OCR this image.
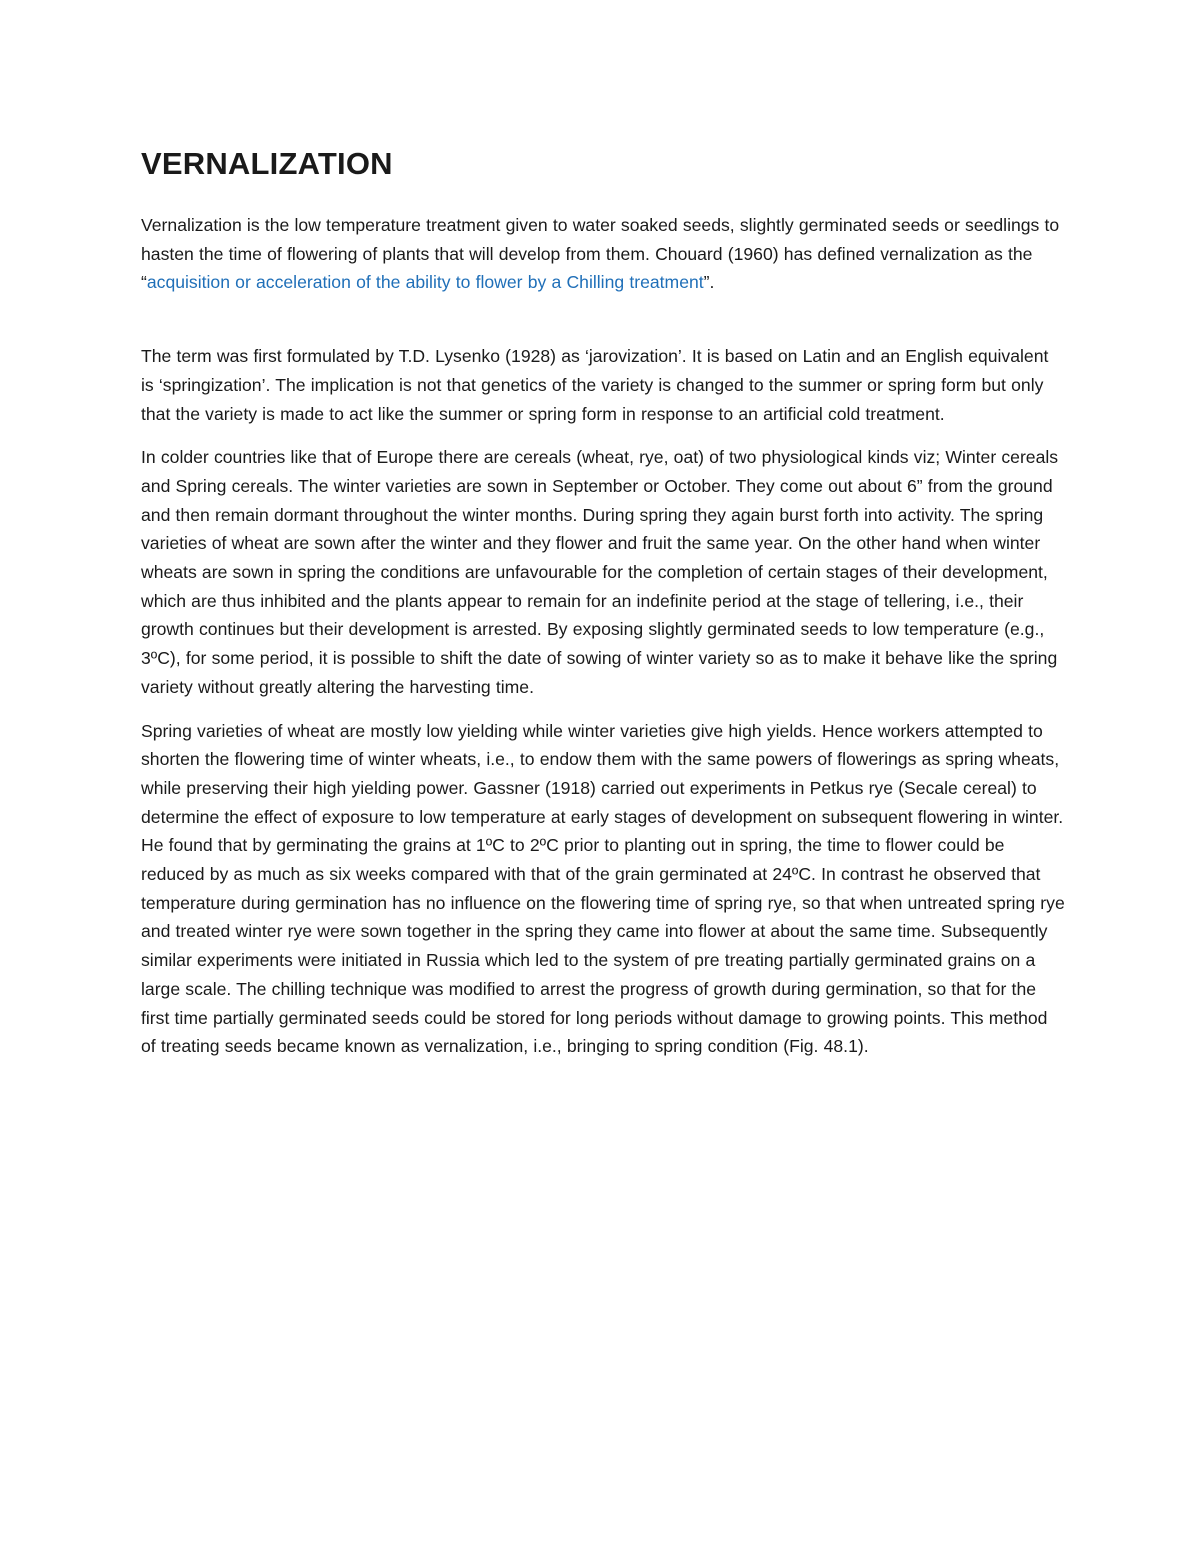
VERNALIZATION

Vernalization is the low temperature treatment given to water soaked seeds, slightly germinated seeds or seedlings to hasten the time of flowering of plants that will develop from them. Chouard (1960) has defined vernalization as the “acquisition or acceleration of the ability to flower by a Chilling treatment”.

The term was first formulated by T.D. Lysenko (1928) as ‘jarovization’. It is based on Latin and an English equivalent is ‘springization’. The implication is not that genetics of the variety is changed to the summer or spring form but only that the variety is made to act like the summer or spring form in response to an artificial cold treatment.

In colder countries like that of Europe there are cereals (wheat, rye, oat) of two physiological kinds viz; Winter cereals and Spring cereals. The winter varieties are sown in September or October. They come out about 6” from the ground and then remain dormant throughout the winter months. During spring they again burst forth into activity. The spring varieties of wheat are sown after the winter and they flower and fruit the same year. On the other hand when winter wheats are sown in spring the conditions are unfavourable for the completion of certain stages of their development, which are thus inhibited and the plants appear to remain for an indefinite period at the stage of tellering, i.e., their growth continues but their development is arrested. By exposing slightly germinated seeds to low temperature (e.g., 3ºC), for some period, it is possible to shift the date of sowing of winter variety so as to make it behave like the spring variety without greatly altering the harvesting time.

Spring varieties of wheat are mostly low yielding while winter varieties give high yields. Hence workers attempted to shorten the flowering time of winter wheats, i.e., to endow them with the same powers of flowerings as spring wheats, while preserving their high yielding power. Gassner (1918) carried out experiments in Petkus rye (Secale cereal) to determine the effect of exposure to low temperature at early stages of development on subsequent flowering in winter. He found that by germinating the grains at 1ºC to 2ºC prior to planting out in spring, the time to flower could be reduced by as much as six weeks compared with that of the grain germinated at 24ºC. In contrast he observed that temperature during germination has no influence on the flowering time of spring rye, so that when untreated spring rye and treated winter rye were sown together in the spring they came into flower at about the same time. Subsequently similar experiments were initiated in Russia which led to the system of pre treating partially germinated grains on a large scale. The chilling technique was modified to arrest the progress of growth during germination, so that for the first time partially germinated seeds could be stored for long periods without damage to growing points. This method of treating seeds became known as vernalization, i.e., bringing to spring condition (Fig. 48.1).
